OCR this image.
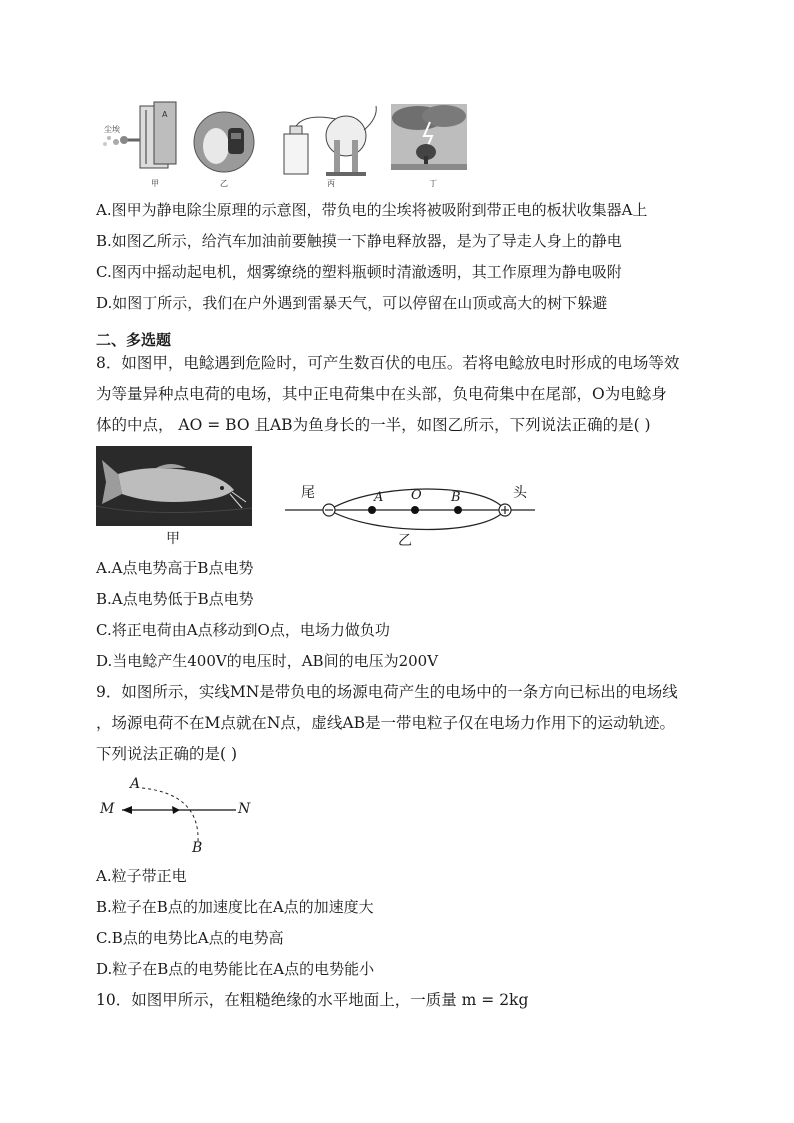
尘埃
A
甲	乙	丙	丁
A.图甲为静电除尘原理的示意图，带负电的尘埃将被吸附到带正电的板状收集器A上
B.如图乙所示，给汽车加油前要触摸一下静电释放器，是为了导走人身上的静电
C.图丙中摇动起电机，烟雾缭绕的塑料瓶顿时清澈透明，其工作原理为静电吸附
D.如图丁所示，我们在户外遇到雷暴天气，可以停留在山顶或高大的树下躲避
二、多选题
8．如图甲，电鲶遇到危险时，可产生数百伏的电压。若将电鲶放电时形成的电场等效
为等量异种点电荷的电场，其中正电荷集中在头部，负电荷集中在尾部，O为电鲶身
体的中点， AO = BO 且AB为鱼身长的一半，如图乙所示，下列说法正确的是( )
甲
尾	头
A O B
乙
A.A点电势高于B点电势
B.A点电势低于B点电势
C.将正电荷由A点移动到O点，电场力做负功
D.当电鲶产生400V的电压时，AB间的电压为200V
9．如图所示，实线MN是带负电的场源电荷产生的电场中的一条方向已标出的电场线
，场源电荷不在M点就在N点，虚线AB是一带电粒子仅在电场力作用下的运动轨迹。
下列说法正确的是( )
A
M	N
B
A.粒子带正电
B.粒子在B点的加速度比在A点的加速度大
C.B点的电势比A点的电势高
D.粒子在B点的电势能比在A点的电势能小
10．如图甲所示，在粗糙绝缘的水平地面上，一质量 m = 2kg
